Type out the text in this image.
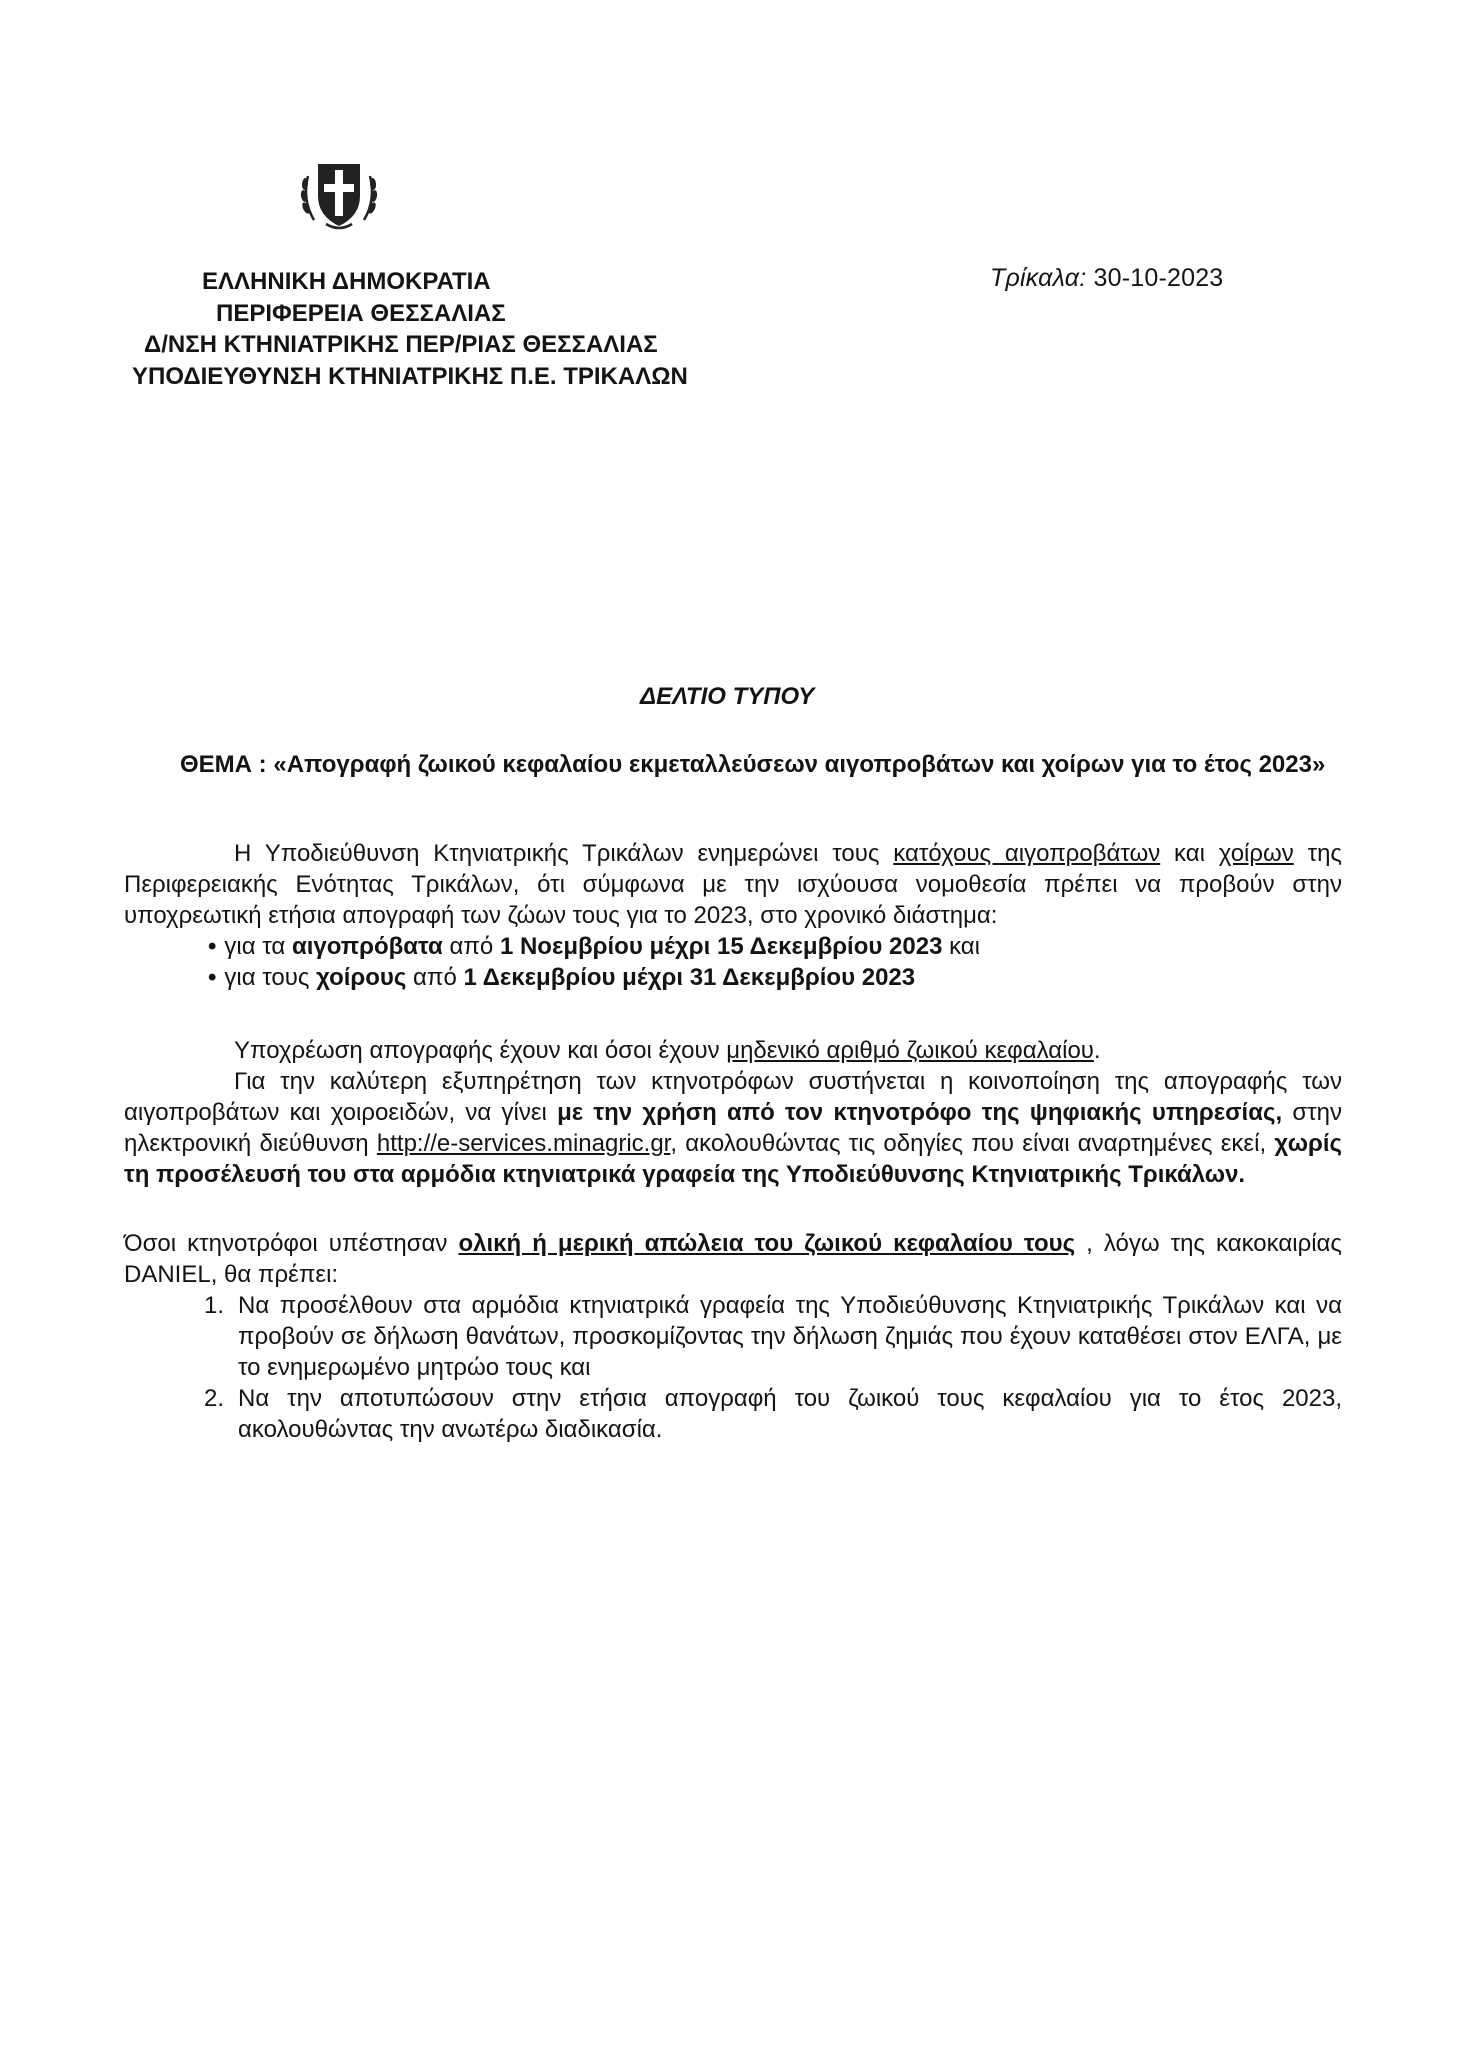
ΕΛΛΗΝΙΚΗ ΔΗΜΟΚΡΑΤΙΑ
ΠΕΡΙΦΕΡΕΙΑ ΘΕΣΣΑΛΙΑΣ
Δ/ΝΣΗ ΚΤΗΝΙΑΤΡΙΚΗΣ ΠΕΡ/ΡΙΑΣ ΘΕΣΣΑΛΙΑΣ
ΥΠΟΔΙΕΥΘΥΝΣΗ ΚΤΗΝΙΑΤΡΙΚΗΣ Π.Ε. ΤΡΙΚΑΛΩΝ
Τρίκαλα: 30-10-2023
ΔΕΛΤΙΟ ΤΥΠΟΥ
ΘΕΜΑ : «Απογραφή ζωικού κεφαλαίου εκμεταλλεύσεων αιγοπροβάτων και χοίρων για το έτος 2023»

Η Υποδιεύθυνση Κτηνιατρικής Τρικάλων ενημερώνει τους κατόχους αιγοπροβάτων και χοίρων της Περιφερειακής Ενότητας Τρικάλων, ότι σύμφωνα με την ισχύουσα νομοθεσία πρέπει να προβούν στην υποχρεωτική ετήσια απογραφή των ζώων τους για το 2023, στο χρονικό διάστημα:

• για τα αιγοπρόβατα από 1 Νοεμβρίου μέχρι 15 Δεκεμβρίου 2023 και
• για τους χοίρους από 1 Δεκεμβρίου μέχρι 31 Δεκεμβρίου 2023

Υποχρέωση απογραφής έχουν και όσοι έχουν μηδενικό αριθμό ζωικού κεφαλαίου.

Για την καλύτερη εξυπηρέτηση των κτηνοτρόφων συστήνεται η κοινοποίηση της απογραφής των αιγοπροβάτων και χοιροειδών, να γίνει με την χρήση από τον κτηνοτρόφο της ψηφιακής υπηρεσίας, στην ηλεκτρονική διεύθυνση http://e-services.minagric.gr, ακολουθώντας τις οδηγίες που είναι αναρτημένες εκεί, χωρίς τη προσέλευσή του στα αρμόδια κτηνιατρικά γραφεία της Υποδιεύθυνσης Κτηνιατρικής Τρικάλων.

Όσοι κτηνοτρόφοι υπέστησαν ολική ή μερική απώλεια του ζωικού κεφαλαίου τους , λόγω της κακοκαιρίας DANIEL, θα πρέπει:

1. Να προσέλθουν στα αρμόδια κτηνιατρικά γραφεία της Υποδιεύθυνσης Κτηνιατρικής Τρικάλων και να προβούν σε δήλωση θανάτων, προσκομίζοντας την δήλωση ζημιάς που έχουν καταθέσει στον ΕΛΓΑ, με το ενημερωμένο μητρώο τους και
2. Να την αποτυπώσουν στην ετήσια απογραφή του ζωικού τους κεφαλαίου για το έτος 2023, ακολουθώντας την ανωτέρω διαδικασία.
